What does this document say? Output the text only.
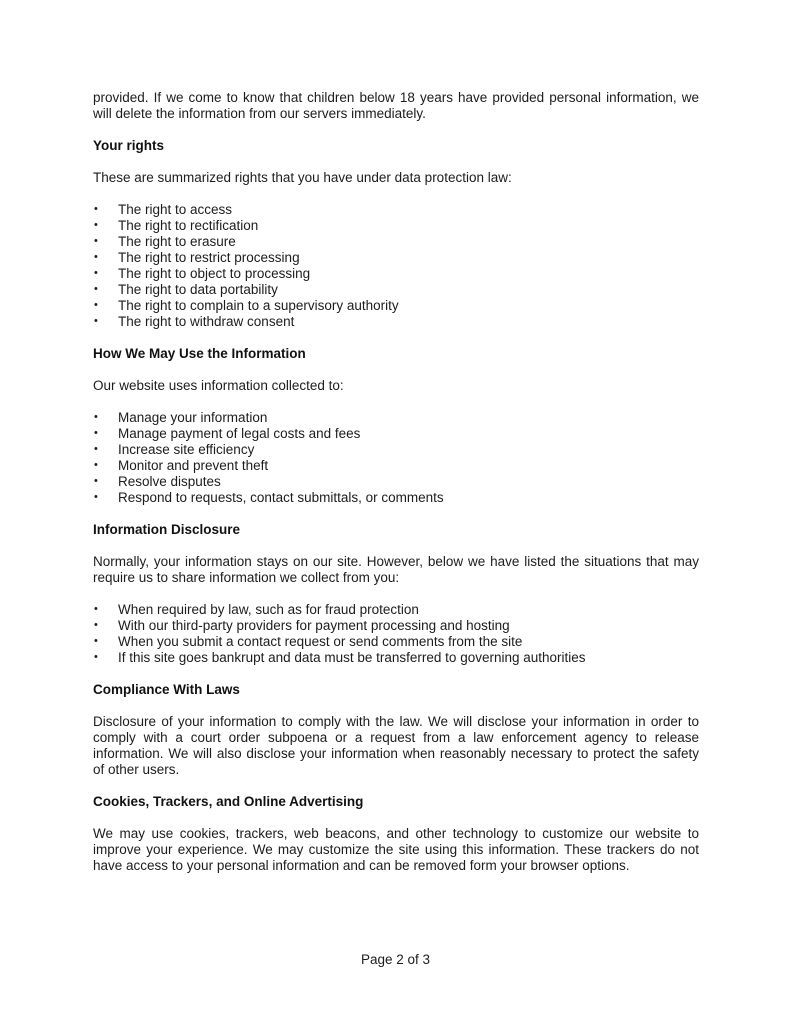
provided. If we come to know that children below 18 years have provided personal information, we will delete the information from our servers immediately.

Your rights

These are summarized rights that you have under data protection law:

• The right to access
• The right to rectification
• The right to erasure
• The right to restrict processing
• The right to object to processing
• The right to data portability
• The right to complain to a supervisory authority
• The right to withdraw consent
How We May Use the Information

Our website uses information collected to:

• Manage your information
• Manage payment of legal costs and fees
• Increase site efficiency
• Monitor and prevent theft
• Resolve disputes
• Respond to requests, contact submittals, or comments
Information Disclosure

Normally, your information stays on our site. However, below we have listed the situations that may require us to share information we collect from you:

• When required by law, such as for fraud protection
• With our third-party providers for payment processing and hosting
• When you submit a contact request or send comments from the site
• If this site goes bankrupt and data must be transferred to governing authorities
Compliance With Laws

Disclosure of your information to comply with the law. We will disclose your information in order to comply with a court order subpoena or a request from a law enforcement agency to release information. We will also disclose your information when reasonably necessary to protect the safety of other users.

Cookies, Trackers, and Online Advertising

We may use cookies, trackers, web beacons, and other technology to customize our website to improve your experience. We may customize the site using this information. These trackers do not have access to your personal information and can be removed form your browser options.

Page 2 of 3
